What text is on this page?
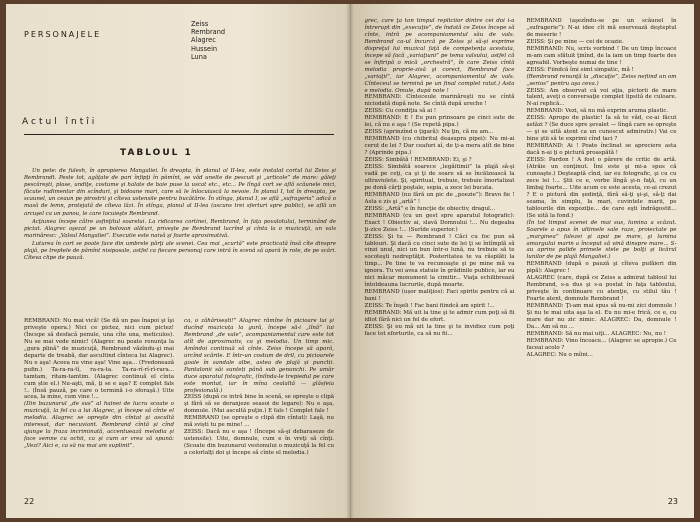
PERSONAJELE
Zeiss
Rembrand
Alagrec
Hussein
Luna
Actul întîi
TABLOUL 1

Un pete: de fulesh, în apropierea Mangaliei. În dreapta, în planul al II-lea, este instalat cortul lui Zeiss şi Rembrandt. Peste tot, agăţate de pari înfipţi în pămînt, se văd unelte de pescuit şi „articole” de mare: găleţi pescăreşti, plase, undiţe, costume şi halate de baie puse la uscat etc., etc... Pe lîngă cort se află scăunele mici, făcute rudimentar din scînduri, şi bidoane mari, care să le înlocuiască la nevoie. În planul I, tot în dreapta, pe scaunel, un ceaun pe pirostrii şi cîteva ustensile pentru bucătărie. În stînga, planul I, se află „sufrageria” adică o masă de lemn, protejată de cîteva lăzi. În stînga, planul al II-lea (ascuns trei sferturi spre public), se află un arcuşel ca un panou, le care locuieşte Rembrand.

Acţiunea începe către asfinţitul soarelui. La ridicarea cortinei, Rembrand, în fața povalotului, terminând de pictat. Alagrec aşezat pe un bolovan alături, priveşte pe Rembrand lucrînd şi cînta la o muzicuţă, un vals marinăresc: „Valsul Mangaliei”. Executie este naivă şi foarte aproximativă.

Luturea în cort se poate face din umbrele părţi ale scenei. Cea mai „scurtă” este practicată însă cîte dinspre plajă, pe treptele de pămînt nisiposale, astfel ca fiecare personaj care intră în scenă să apară în rote, de pe scări. Cîteva clipe de pauză.

REMBRAND: Nu mai vică! (Se dă un pas înapoi şi îşi priveşte opera.) Nici ce pictez, nici cum pictez! (Începe să desfacă penule, una cîte una, meticulos). Nu se mai vede nimic! (Alagrec nu poate renunţa la „gura plină” de muzicuţă, Rembrand văzîndu-şi mai departe de treabă, dar ascultind cînteca lui Alagrec). Nu e aşa! Aceea nu vine aşa! Vine aşa... (Fredonează pufin.) Ta-ra-ra-tî, ra-ra-ta. Ta-ra-rî-rî-rî-rara... tamtam, ritam-tamtim. (Alagrec continuă el cînta cum știe el.) Nu-aşti, mă, ţi se e aşa? E complet fals !.. (Însă pauză, pe care o termină i-o sforaşă.) Uite acea, la mine, cum vine !...

(Din buzunarul „de sus” al hainei de lucru scoate o muzicuţă, la fel cu a lui Alagrec, şi începe să cînte el melodia. Alagrec se opreşte din cîntat şi ascultă interesat, dar necuviant. Rembrand cîntă şi cînd ajunge la fraza incriminată, accentuează melodia şi face semne cu ochii, ca şi cum ar vrea să spună: „Vezi? Aici e, ca să nu mai am suplinit”.

ca, o zăhărisești!” Alagrec rămîne în picioare lui şi ducînd muzicuța la gură, începe să-i „lînă” lui Rembrand „de vale”, acompaniamentul care este tot atît de aproximativ, ca şi melodia. Un timp mic. Amîndoi continuă să cînte. Zeiss începe să apară, urcînd scările. E într-un costum de dril, cu picioarele goale în sandale albe, astea de plajă și punctii. Pantalonii săi sunteți până sub genunchi. Pe umăr duce aparatul fotografic, (înlînda-le trepiedul pe care este montat, iar în mîna cealaltă — glăsfeia profesională.)

ZEISS (după ce intră bine în scenă, se opreşte o clipă şi fără să se deranjeze seasoi de legare): Nu e aşa, domnule. (Mai ascultă puţin.) E fals ! Complet fals !

REMBRAND (se opreşte o clipă din cîntat): Laşă, nu mă sviști tu pe mine! ...

ZEISS: Dacă nu e aşa ! (Începe să-şi debaraseze de ustensile). Uite, domnule, cum e în vreţi să cînţi. (Scoate din buzunarul vestonului o muzicuţă la fel cu a celorlalţi doi şi începe să cînte el melodia.)

22

grec, care ţa ton timpul repliciior dintre cei doi i-a întrerupt din „execuție”, de îndată ce Zeiss începe să cînte, intră pe acompaniamentul său de vals. Rembrand ca-ul încurcă pe Zeiss şi să-şi exprime dispreţul lui muzical faţă de competenţa acestuia, începe să facă „variaţiuni” pe tema valsului, astfel că se înfiripă o mică „orchestră”, în care Zeiss cîntă melodia proprie-zisă şi corect, Rembrand face „variaţii”, iar Alagrec, acompaniamentul de vals. Cînteceul se termină pe un final complet ratat.) Asta e melodia. Omule, după note !

REMBRAND: Cînteceule marinăreşti nu se cîntă niciodată după note. Se cîntă după ureche !

ZEISS: Cu condiţia să ai !

REMBRAND: E ! Eu pun prinsoare pe cinci sute de lei, că nu e aşa ! (Se repetă pipa.)

ZEISS (aprinzînd o ţigară): Nu ţin, că nu am...

REMBRAND (cu chibritul deasupra pipei): Nu mi-ai cerut de lei ? Dar ceafuri aî, de ţi-a mera atît de bine ? (Aprinde pipa.)

ZEISS: Simbătă ! REMBRAND: Ei, şi ?

ZEISS: Simbătă soarece „legăitimii” la plajă să-şi vadă pe ceţi, ca şi ţi de soare să se încălzească la ultraviolete. Şi, spiritual, trebuie, trebuie îmortalizat pe donă cărţi poştale, sepia, a zece lei bucata.

REMBRAND (nu fără un pic de „poezie”): Bravo fie ! Asta e zis şi „artă” !

ZEISS: „Artă” e în funcţie de obiectiv, dragul...

REMBRAND (cu un gest spre aparatul fotografic): Exact ! Obiectiv ai, slavă Domnului !... Nu degeaba ţi-zice Zeiss !... (Surîde superior.)

ZEISS: Şi tu — Rembrand ! Căci cu foc pun să tablouri. Şi dacă cu cinci sute de lei ţi se întîmplă să vinzi unul, nici un bun într-o lună, nu trebuie să te socoteşti nedreptăţit. Posteritatea te va răsplăti la timp... Pe tine te va recunoaşte şi pe mine mă va ignora. Tu vei avea statuie în grădinile publice, iar eu nici măcar monument la cimitir... Viaţa echilibrează întotdeauna lucrurile, după moarte.

REMBRAND (ușor maliţios): Faci spirite pentru că ai bani !

ZEISS: Te înşeli ! Fac bani fiindcă am spirit !...

REMBRAND: Mă uit la tine şi te admir cum poţi să fii idiot fără nici un fel de efort.

ZEISS: Şi eu mă uit la tine şi te invidiez cum poţi face tot eforturile, ca să nu fii...

REMBRAND (aşezîndu-se pe un scăunel în „sufragerie”): N-ai idee cît mă enervează deşteptul de meserie !

ZEISS: Şi pe mine — cei de ocazie.

REMBRAND: Nu, scris vorbind ! De un timp încoace m-am cam sfătuit ţinînd, de la iam un timp foarte des agreabil. Vorbeşte numai de tine !

ZEISS: Fiindcă îmi simt simpatic, mă !

(Rembrand renunţă la „discuţie”, Zeiss nefiind un om „serios” pentru aşa ceva.)

ZEISS: Am observat că voi aţia, pictorii de mare talent, aveţi o conversaţie complet lipsită de culoare. N-ai replică...

REMBRAND: Vezi, să nu mă exprim aruma plastic.

ZEISS: Apropo de plastic! Ia să te văd, ce-ai făcut astăzi ? (Se duce spre şevalet — lîngă care se opreşte — şi se uită atent ca un cunoscut admirativ.) Vai ce bine ştii să te exprimi cînd taci ?

REMBRAND: Ai ! Poate înclinat se apreciere asta dacă n-ai ţi o pictură proaspătă !

ZEISS: Pardon ! A fost o părere de critic de artă. (Atrăie un conţinut. Îmi este şi mi-a spus că cunoaşte.) Deşteaptă cînd, iar eu fotografic, şi cu cu zece lei !... Ştii ce e, vorbe lîngă şi-n faţă, cu un limbaj foarte... Uite acum ce este acesta, ce-ai crezut ? E o pictură din şedinţă, fără să-ţi şi-şi, să-ţi dai seama, în simplu, la mari, cuvintele marii, pe tablourile din expoziţie... de care eşti îndrăgostit... (Se uită la fond.)

(În tot timpul scenei de mai sus, lumina a scăzut. Soarele a apus în ultimele sale raze, proiectate pe „marginea” falezei şi apoi pe mare, şi lumina amurgului marin a început să vină dinspre mare... S-au aprins palide primele stele pe bolţi şi licărul lunilor de pe plajă Mangaliei.)

REMBRAND (după o pauză şi cîteva pufăieri din pipă): Alagrec !

ALAGREC (care, după ce Zeiss a admirat tabloul lui Rembrand, s-a dus şi s-a postat în faţa tabloului, priveşte în continuare cu atenţie, cu stilul tău ! Foarte atent, domnule Rembrand !

REMBRAND: Ţi-am mai spus să nu-mi zici domnule ! Şi nu te mai uita aşa la el. Eu nu mi-e frică, ce e, cu mare dar nu zic nimic. ALAGREC: Da, domnule ! Da... Am să nu ...

REMBRAND: Să nu mai uiţi... ALAGREC: Nu, nu !

REMBRAND: Vino încoace... (Alagrec se apropie.) Ce faceai acolo ?

ALAGREC: Nu o mîini...

23
